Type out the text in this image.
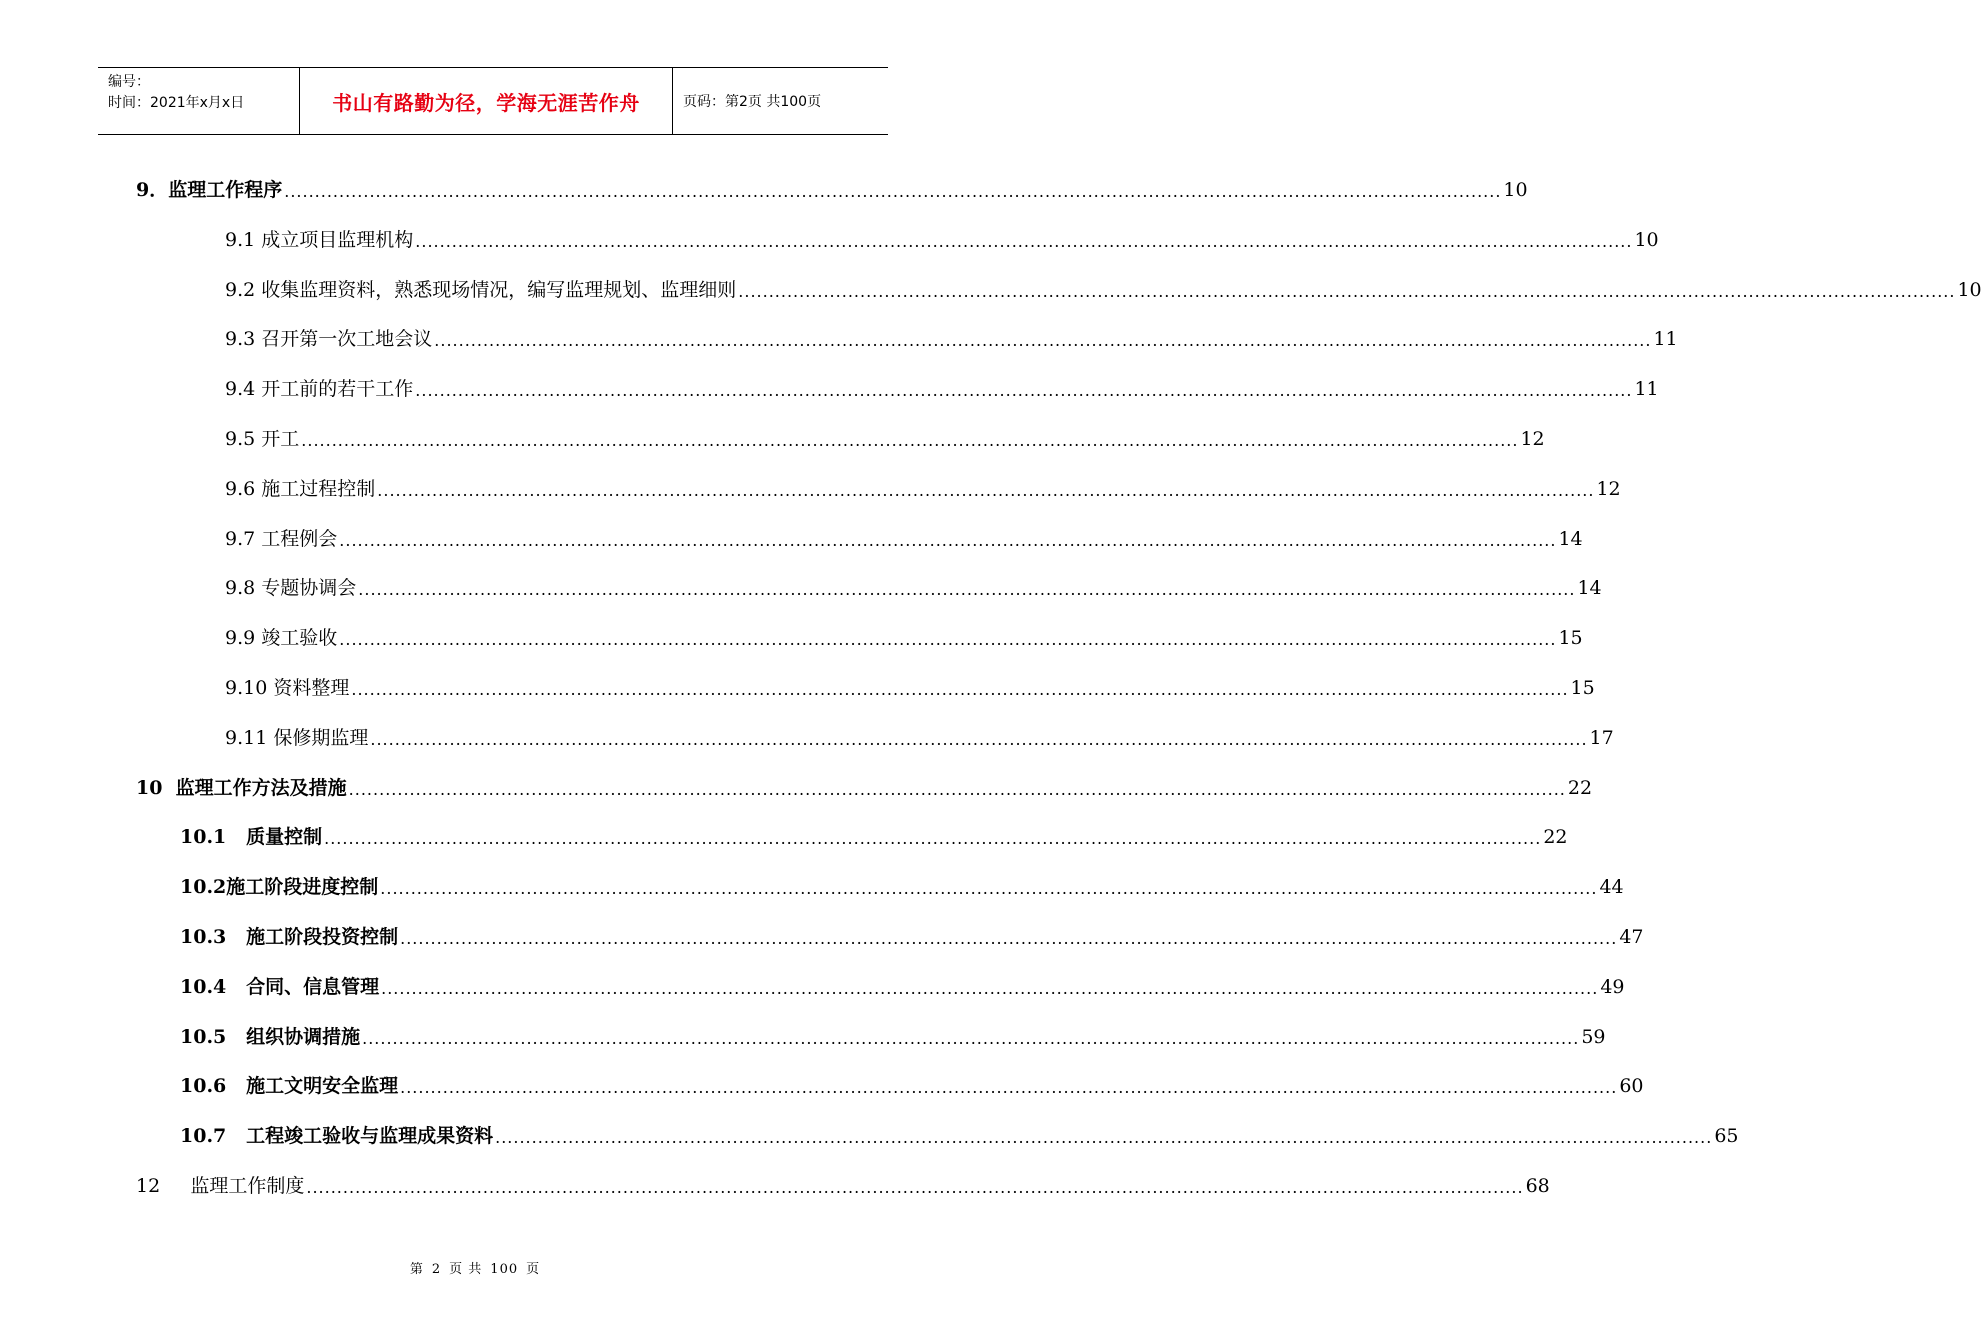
编号：
时间：2021年x月x日	书山有路勤为径，学海无涯苦作舟	页码：第2页 共100页
9．监理工作程序 ........................................................................................................................................................................................................ 10
9.1 成立项目监理机构 ........................................................................................................................................................................................................ 10
9.2 收集监理资料，熟悉现场情况，编写监理规划、监理细则 ........................................................................................................................................................................................................ 10
9.3 召开第一次工地会议 ........................................................................................................................................................................................................ 11
9.4 开工前的若干工作 ........................................................................................................................................................................................................ 11
9.5 开工 ........................................................................................................................................................................................................ 12
9.6 施工过程控制 ........................................................................................................................................................................................................ 12
9.7 工程例会 ........................................................................................................................................................................................................ 14
9.8 专题协调会 ........................................................................................................................................................................................................ 14
9.9 竣工验收 ........................................................................................................................................................................................................ 15
9.10 资料整理 ........................................................................................................................................................................................................ 15
9.11 保修期监理 ........................................................................................................................................................................................................ 17
10  监理工作方法及措施 ........................................................................................................................................................................................................ 22
10.1   质量控制 ........................................................................................................................................................................................................ 22
10.2施工阶段进度控制 ........................................................................................................................................................................................................ 44
10.3   施工阶段投资控制 ........................................................................................................................................................................................................ 47
10.4   合同、信息管理 ........................................................................................................................................................................................................ 49
10.5   组织协调措施 ........................................................................................................................................................................................................ 59
10.6   施工文明安全监理 ........................................................................................................................................................................................................ 60
10.7   工程竣工验收与监理成果资料 ........................................................................................................................................................................................................ 65
12     监理工作制度 ........................................................................................................................................................................................................ 68
第 2 页 共 100 页
